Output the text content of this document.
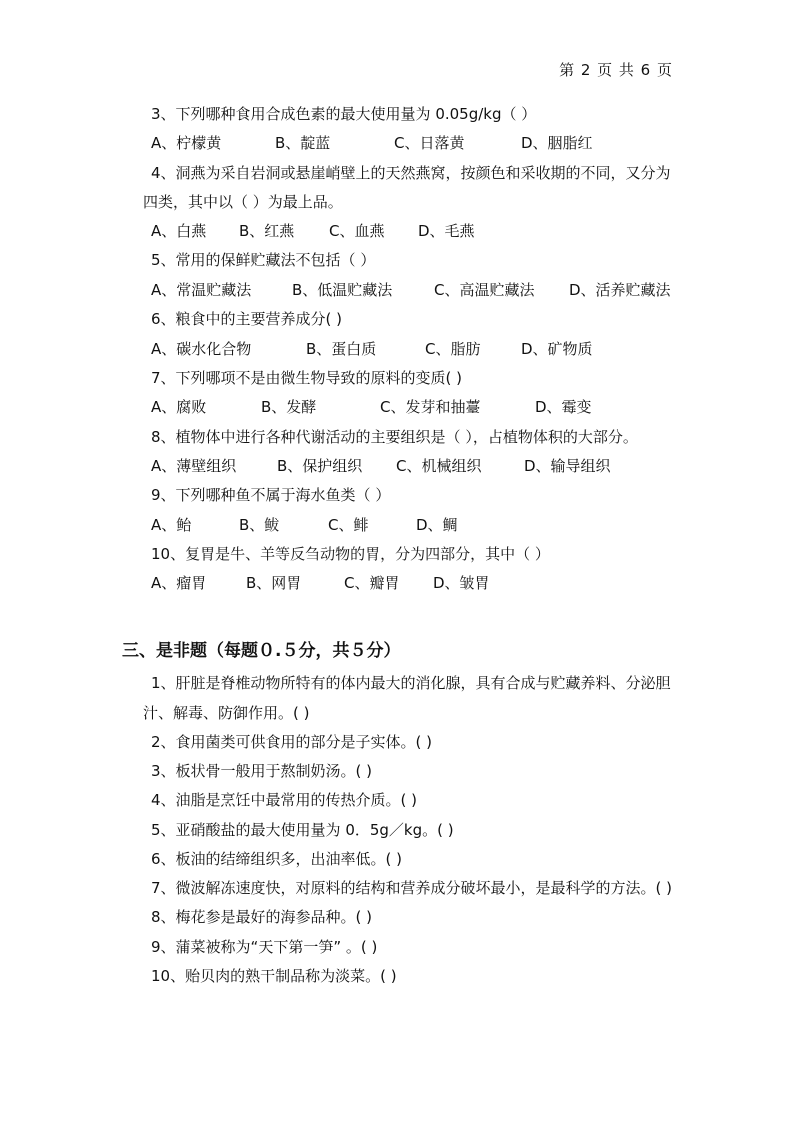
第 2 页 共 6 页
3、下列哪种食用合成色素的最大使用量为 0.05g/kg（ ）
A、柠檬黄	B、靛蓝	C、日落黄	D、胭脂红
4、洞燕为采自岩洞或悬崖峭壁上的天然燕窝，按颜色和采收期的不同，又分为
四类，其中以（ ）为最上品。
A、白燕 B、红燕 C、血燕 D、毛燕
5、常用的保鲜贮藏法不包括（ ）
A、常温贮藏法	B、低温贮藏法	C、高温贮藏法 D、活养贮藏法
6、粮食中的主要营养成分( )
A、碳水化合物	B、蛋白质	C、脂肪	D、矿物质
7、下列哪项不是由微生物导致的原料的变质( )
A、腐败	B、发酵	C、发芽和抽薹	D、霉变
8、植物体中进行各种代谢活动的主要组织是（ ），占植物体积的大部分。
A、薄壁组织	B、保护组织 C、机械组织	D、输导组织
9、下列哪种鱼不属于海水鱼类（ ）
A、鲐	B、鲅	C、鲱	D、鲷
10、复胃是牛、羊等反刍动物的胃，分为四部分，其中（ ）
A、瘤胃	B、网胃	C、瓣胃 D、皱胃
三、是非题（每题０.５分，共５分）
1、肝脏是脊椎动物所特有的体内最大的消化腺，具有合成与贮藏养料、分泌胆
汁、解毒、防御作用。( )
2、食用菌类可供食用的部分是子实体。( )
3、板状骨一般用于熬制奶汤。( )
4、油脂是烹饪中最常用的传热介质。( )
5、亚硝酸盐的最大使用量为 0．5g／kg。( )
6、板油的结缔组织多，出油率低。( )
7、微波解冻速度快，对原料的结构和营养成分破坏最小，是最科学的方法。( )
8、梅花参是最好的海参品种。( )
9、蒲菜被称为“天下第一笋” 。( )
10、贻贝肉的熟干制品称为淡菜。( )
